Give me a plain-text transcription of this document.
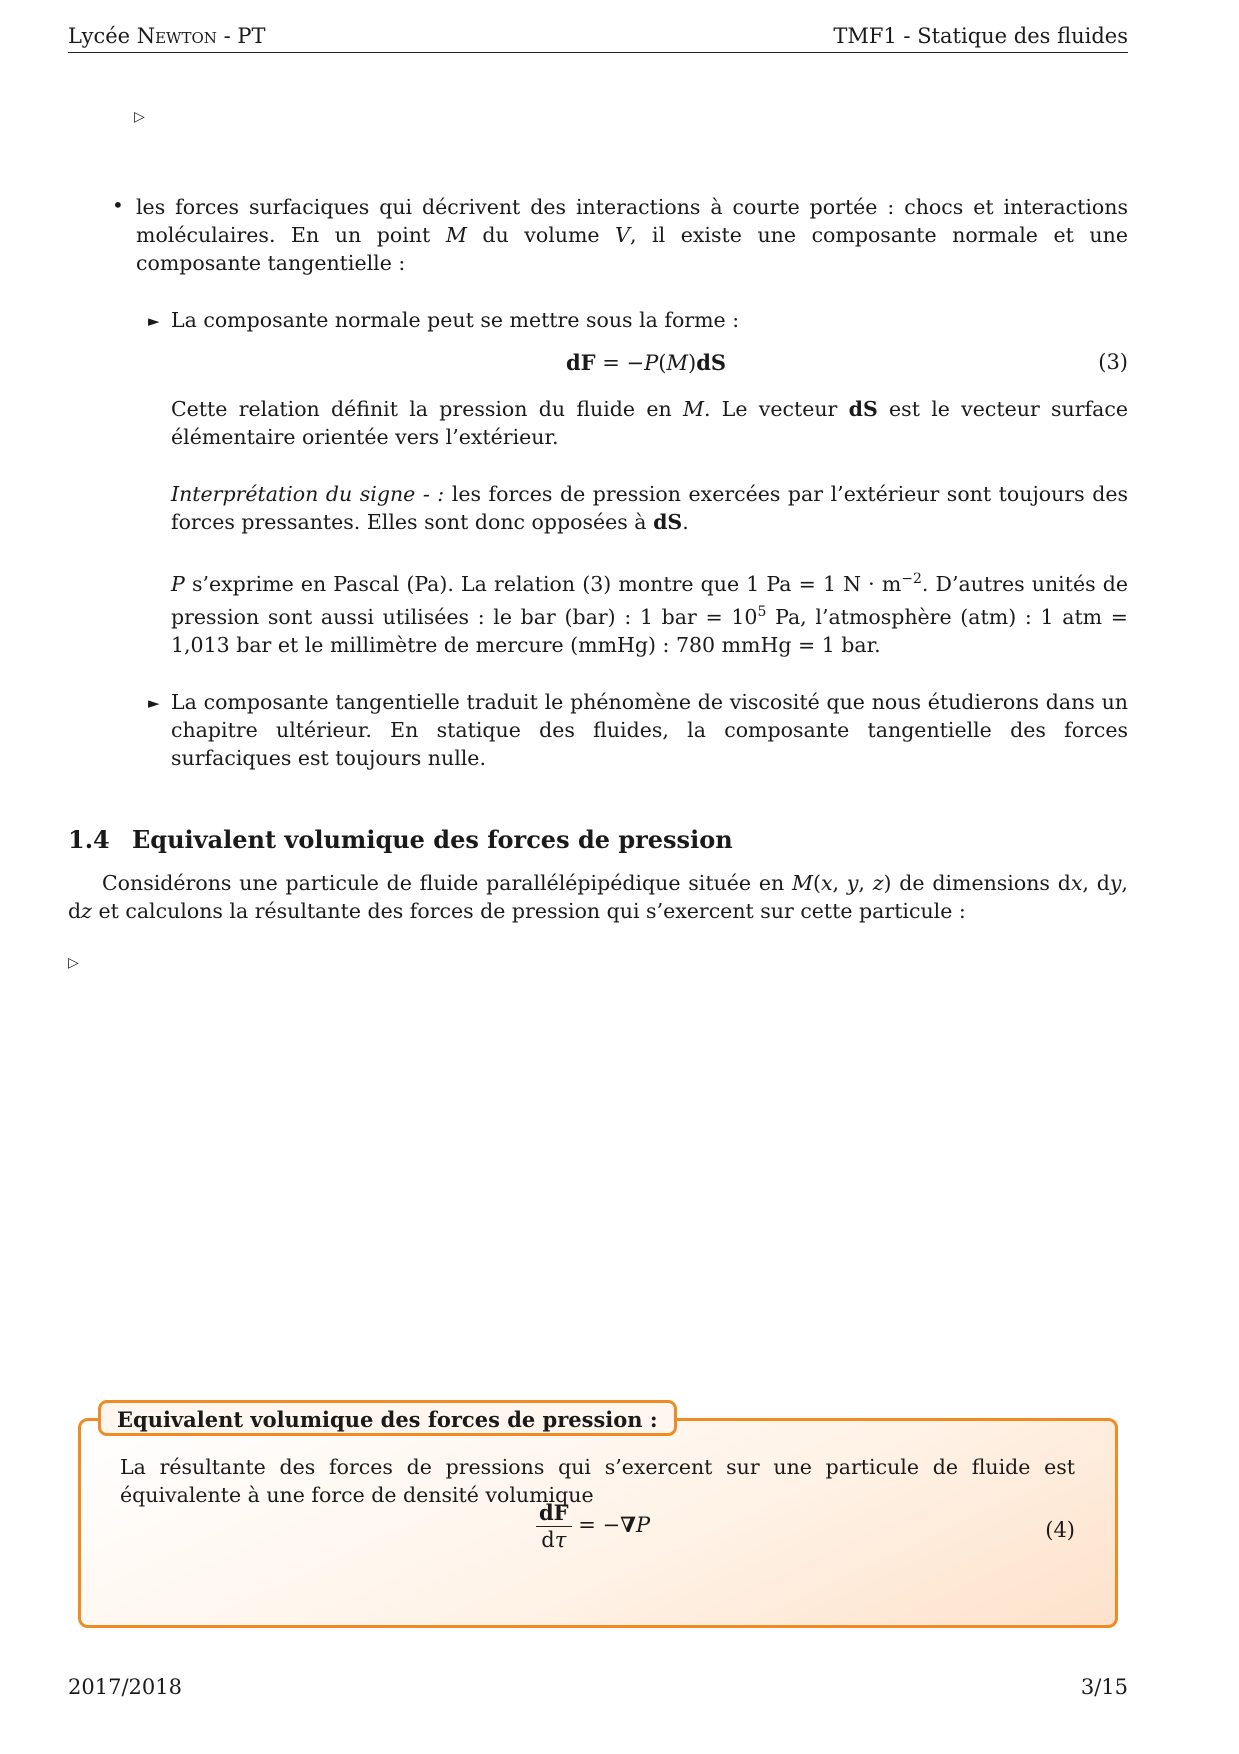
Lycée Newton - PT	TMF1 - Statique des fluides
▷
• les forces surfaciques qui décrivent des interactions à courte portée : chocs et interactions moléculaires. En un point M du volume V, il existe une composante normale et une composante tangentielle :
► La composante normale peut se mettre sous la forme :
dF = −P(M)dS	(3)
Cette relation définit la pression du fluide en M. Le vecteur dS est le vecteur surface élémentaire orientée vers l’extérieur.
Interprétation du signe - : les forces de pression exercées par l’extérieur sont toujours des forces pressantes. Elles sont donc opposées à dS.
P s’exprime en Pascal (Pa). La relation (3) montre que 1 Pa = 1 $N \cdot m^{-2}$. D’autres unités de pression sont aussi utilisées : le bar (bar) : 1 bar = $10^5$ Pa, l’atmosphère (atm) : 1 atm = 1,013 bar et le millimètre de mercure (mmHg) : 780 mmHg = 1 bar.
► La composante tangentielle traduit le phénomène de viscosité que nous étudierons dans un chapitre ultérieur. En statique des fluides, la composante tangentielle des forces surfaciques est toujours nulle.
1.4 Equivalent volumique des forces de pression
Considérons une particule de fluide parallélépipédique située en M(x, y, z) de dimensions dx, dy, dz et calculons la résultante des forces de pression qui s’exercent sur cette particule :
▷
Equivalent volumique des forces de pression :
La résultante des forces de pressions qui s’exercent sur une particule de fluide est équivalente à une force de densité volumique
$\frac{dF}{d\tau} = -\nabla P$	(4)
2017/2018	3/15
